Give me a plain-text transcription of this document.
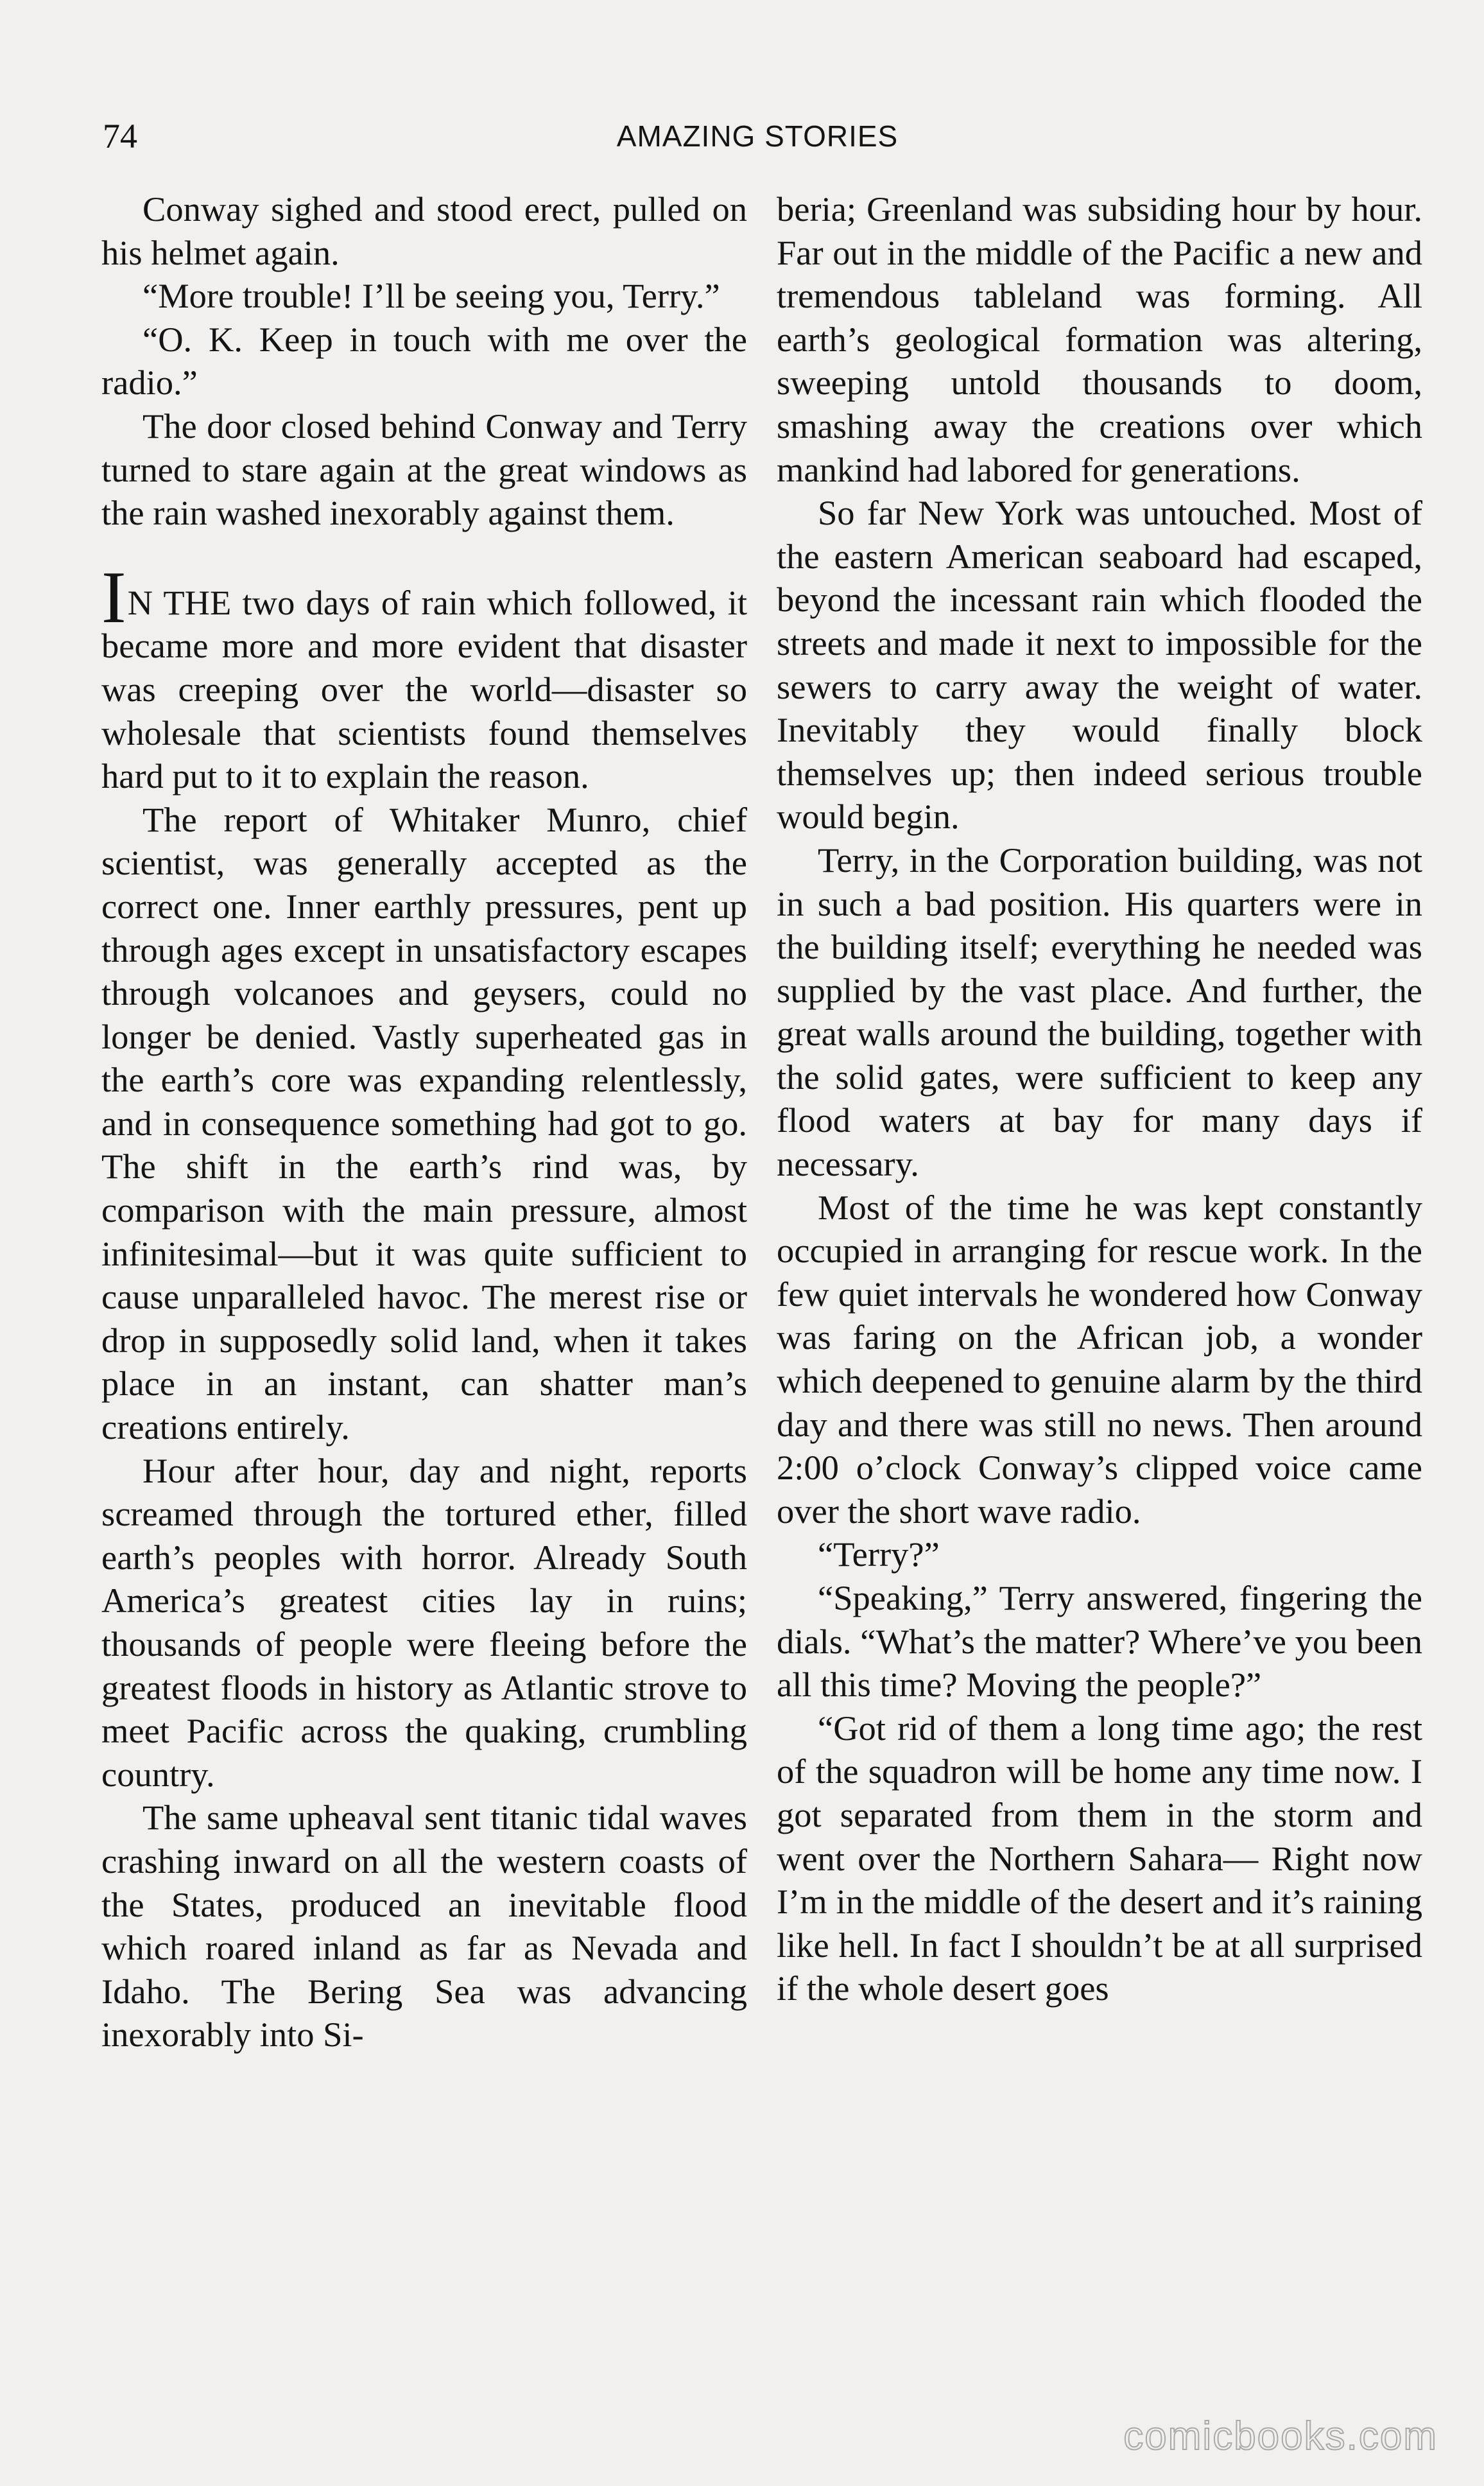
74	AMAZING STORIES

Conway sighed and stood erect, pulled on his helmet again.

“More trouble! I’ll be seeing you, Terry.”

“O. K. Keep in touch with me over the radio.”

The door closed behind Conway and Terry turned to stare again at the great windows as the rain washed inexorably against them.

IN THE two days of rain which followed, it became more and more evident that disaster was creeping over the world—disaster so wholesale that scientists found themselves hard put to it to explain the reason.

The report of Whitaker Munro, chief scientist, was generally accepted as the correct one. Inner earthly pressures, pent up through ages except in unsatisfactory escapes through volcanoes and geysers, could no longer be denied. Vastly superheated gas in the earth’s core was expanding relentlessly, and in consequence something had got to go. The shift in the earth’s rind was, by comparison with the main pressure, almost infinitesimal—but it was quite sufficient to cause unparalleled havoc. The merest rise or drop in supposedly solid land, when it takes place in an instant, can shatter man’s creations entirely.

Hour after hour, day and night, reports screamed through the tortured ether, filled earth’s peoples with horror. Already South America’s greatest cities lay in ruins; thousands of people were fleeing before the greatest floods in history as Atlantic strove to meet Pacific across the quaking, crumbling country.

The same upheaval sent titanic tidal waves crashing inward on all the western coasts of the States, produced an inevitable flood which roared inland as far as Nevada and Idaho. The Bering Sea was advancing inexorably into Si-

beria; Greenland was subsiding hour by hour. Far out in the middle of the Pacific a new and tremendous tableland was forming. All earth’s geological formation was altering, sweeping untold thousands to doom, smashing away the creations over which mankind had labored for generations.

So far New York was untouched. Most of the eastern American seaboard had escaped, beyond the incessant rain which flooded the streets and made it next to impossible for the sewers to carry away the weight of water. Inevitably they would finally block themselves up; then indeed serious trouble would begin.

Terry, in the Corporation building, was not in such a bad position. His quarters were in the building itself; everything he needed was supplied by the vast place. And further, the great walls around the building, together with the solid gates, were sufficient to keep any flood waters at bay for many days if necessary.

Most of the time he was kept constantly occupied in arranging for rescue work. In the few quiet intervals he wondered how Conway was faring on the African job, a wonder which deepened to genuine alarm by the third day and there was still no news. Then around 2:00 o’clock Conway’s clipped voice came over the short wave radio.

“Terry?”

“Speaking,” Terry answered, fingering the dials. “What’s the matter? Where’ve you been all this time? Moving the people?”

“Got rid of them a long time ago; the rest of the squadron will be home any time now. I got separated from them in the storm and went over the Northern Sahara— Right now I’m in the middle of the desert and it’s raining like hell. In fact I shouldn’t be at all surprised if the whole desert goes

comicbooks.com
